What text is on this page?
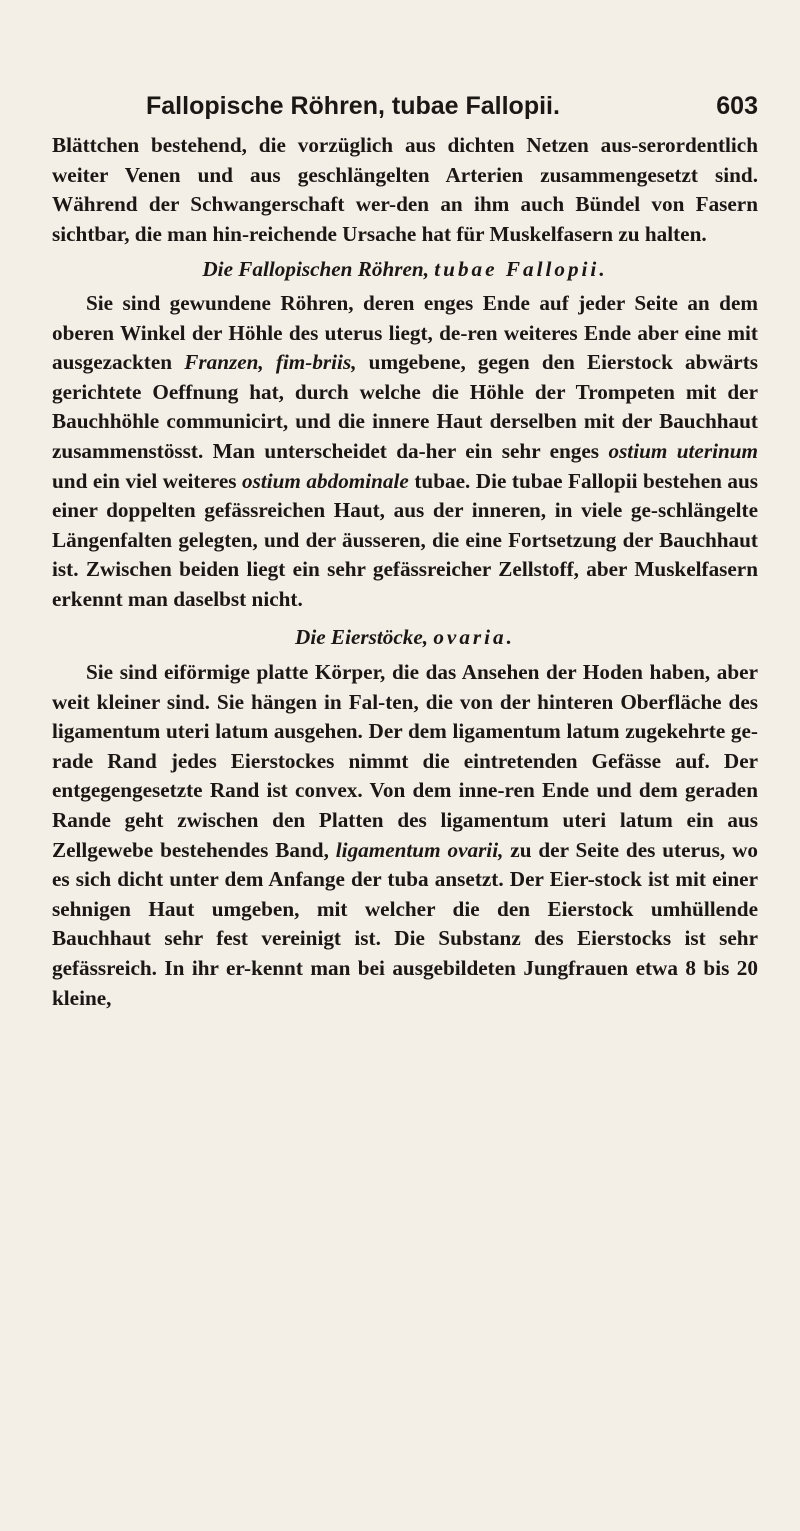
Fallopische Röhren, tubae Fallopii.	603

Blättchen bestehend, die vorzüglich aus dichten Netzen aus-serordentlich weiter Venen und aus geschlängelten Arterien zusammengesetzt sind. Während der Schwangerschaft wer-den an ihm auch Bündel von Fasern sichtbar, die man hin-reichende Ursache hat für Muskelfasern zu halten.

Die Fallopischen Röhren, tubae Fallopii.

Sie sind gewundene Röhren, deren enges Ende auf jeder Seite an dem oberen Winkel der Höhle des uterus liegt, de-ren weiteres Ende aber eine mit ausgezackten Franzen, fim-briis, umgebene, gegen den Eierstock abwärts gerichtete Oeffnung hat, durch welche die Höhle der Trompeten mit der Bauchhöhle communicirt, und die innere Haut derselben mit der Bauchhaut zusammenstösst. Man unterscheidet da-her ein sehr enges ostium uterinum und ein viel weiteres ostium abdominale tubae. Die tubae Fallopii bestehen aus einer doppelten gefässreichen Haut, aus der inneren, in viele ge-schlängelte Längenfalten gelegten, und der äusseren, die eine Fortsetzung der Bauchhaut ist. Zwischen beiden liegt ein sehr gefässreicher Zellstoff, aber Muskelfasern erkennt man daselbst nicht.

Die Eierstöcke, ovaria.

Sie sind eiförmige platte Körper, die das Ansehen der Hoden haben, aber weit kleiner sind. Sie hängen in Fal-ten, die von der hinteren Oberfläche des ligamentum uteri latum ausgehen. Der dem ligamentum latum zugekehrte ge-rade Rand jedes Eierstockes nimmt die eintretenden Gefässe auf. Der entgegengesetzte Rand ist convex. Von dem inne-ren Ende und dem geraden Rande geht zwischen den Platten des ligamentum uteri latum ein aus Zellgewebe bestehendes Band, ligamentum ovarii, zu der Seite des uterus, wo es sich dicht unter dem Anfange der tuba ansetzt. Der Eier-stock ist mit einer sehnigen Haut umgeben, mit welcher die den Eierstock umhüllende Bauchhaut sehr fest vereinigt ist. Die Substanz des Eierstocks ist sehr gefässreich. In ihr er-kennt man bei ausgebildeten Jungfrauen etwa 8 bis 20 kleine,
